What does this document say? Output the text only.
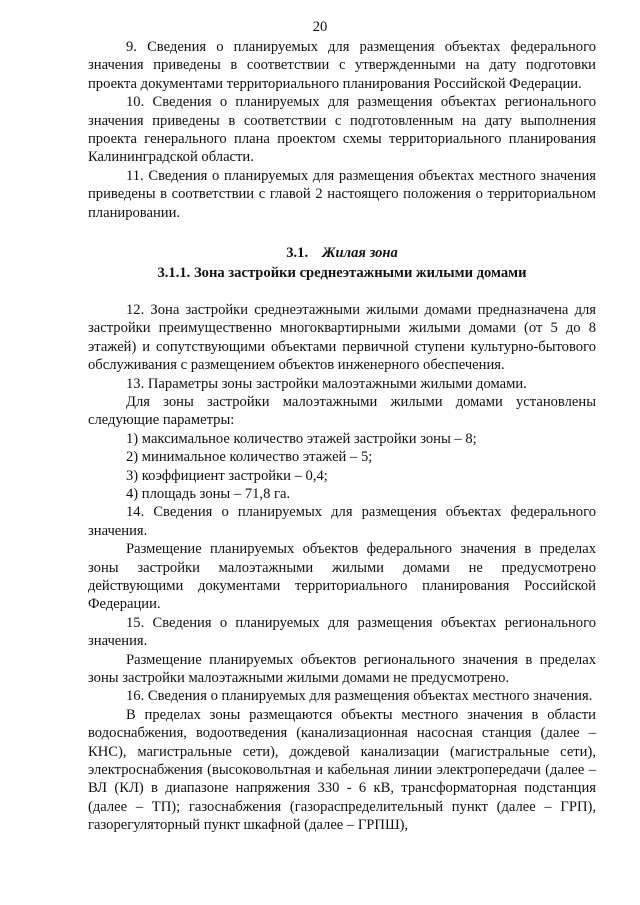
20

9. Сведения о планируемых для размещения объектах федерального значения приведены в соответствии с утвержденными на дату подготовки проекта документами территориального планирования Российской Федерации.

10. Сведения о планируемых для размещения объектах регионального значения приведены в соответствии с подготовленным на дату выполнения проекта генерального плана проектом схемы территориального планирования Калининградской области.

11. Сведения о планируемых для размещения объектах местного значения приведены в соответствии с главой 2 настоящего положения о территориальном планировании.

3.1. Жилая зона

3.1.1. Зона застройки среднеэтажными жилыми домами

12. Зона застройки среднеэтажными жилыми домами предназначена для застройки преимущественно многоквартирными жилыми домами (от 5 до 8 этажей) и сопутствующими объектами первичной ступени культурно-бытового обслуживания с размещением объектов инженерного обеспечения.

13. Параметры зоны застройки малоэтажными жилыми домами.

Для зоны застройки малоэтажными жилыми домами установлены следующие параметры:

1) максимальное количество этажей застройки зоны – 8;

2) минимальное количество этажей – 5;

3) коэффициент застройки – 0,4;

4) площадь зоны – 71,8 га.

14. Сведения о планируемых для размещения объектах федерального значения.

Размещение планируемых объектов федерального значения в пределах зоны застройки малоэтажными жилыми домами не предусмотрено действующими документами территориального планирования Российской Федерации.

15. Сведения о планируемых для размещения объектах регионального значения.

Размещение планируемых объектов регионального значения в пределах зоны застройки малоэтажными жилыми домами не предусмотрено.

16. Сведения о планируемых для размещения объектах местного значения.

В пределах зоны размещаются объекты местного значения в области водоснабжения, водоотведения (канализационная насосная станция (далее – КНС), магистральные сети), дождевой канализации (магистральные сети), электроснабжения (высоковольтная и кабельная линии электропередачи (далее – ВЛ (КЛ) в диапазоне напряжения 330 - 6 кВ, трансформаторная подстанция (далее – ТП); газоснабжения (газораспределительный пункт (далее – ГРП), газорегуляторный пункт шкафной (далее – ГРПШ),
